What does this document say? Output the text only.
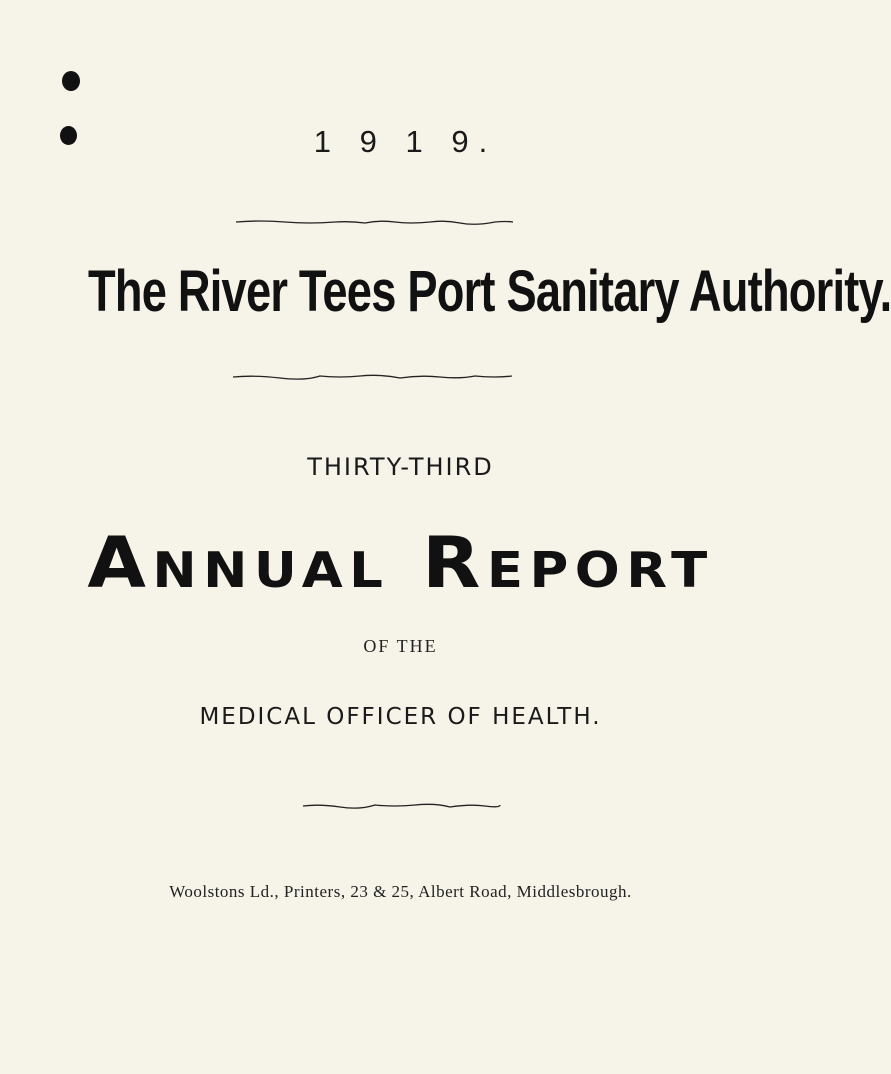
1 9 1 9.
The River Tees Port Sanitary Authority.
THIRTY-THIRD
Annual Report
OF THE
MEDICAL OFFICER OF HEALTH.
Woolstons Ld., Printers, 23 & 25, Albert Road, Middlesbrough.
